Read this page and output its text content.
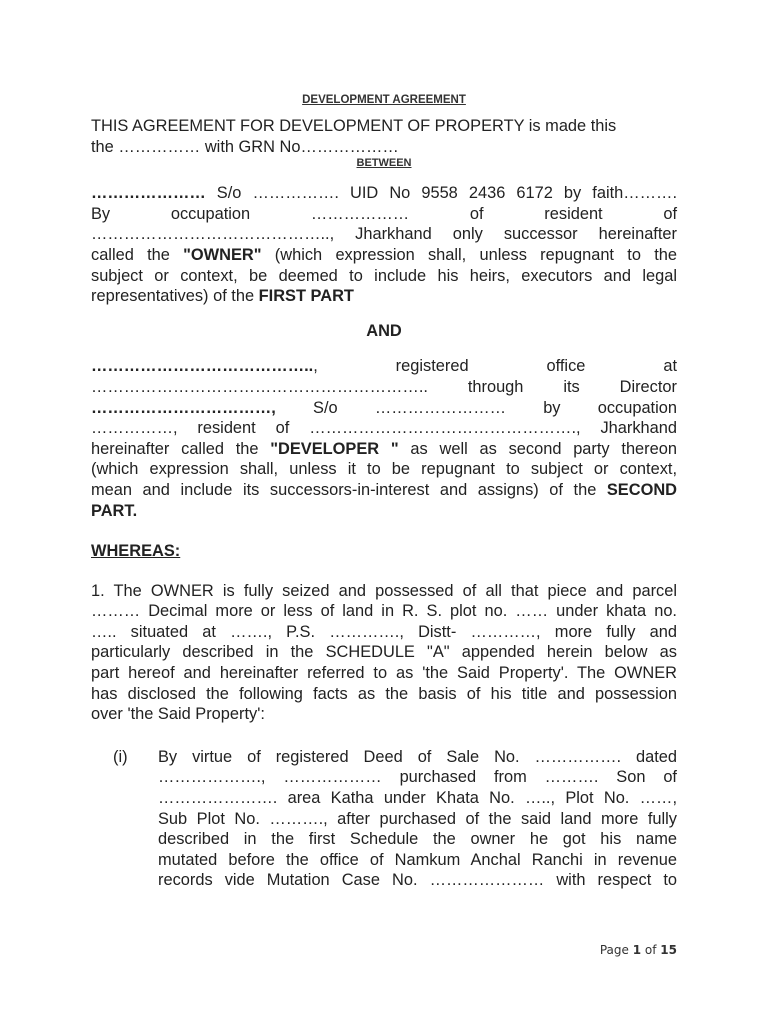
DEVELOPMENT AGREEMENT
THIS AGREEMENT FOR DEVELOPMENT OF PROPERTY is made this
the …………… with GRN No………………
BETWEEN
………………… S/o ……………. UID No 9558 2436 6172 by faith……….
By occupation ……………… of resident of
…………………………………….., Jharkhand only successor hereinafter
called the "OWNER" (which expression shall, unless repugnant to the
subject or context, be deemed to include his heirs, executors and legal
representatives) of the FIRST PART
AND
………………………………….., registered office at
…………………………………………………….. through its Director
……………………………, S/o …………………… by occupation
……………, resident of …………………………………………., Jharkhand
hereinafter called the "DEVELOPER " as well as second party thereon
(which expression shall, unless it to be repugnant to subject or context,
mean and include its successors-in-interest and assigns) of the SECOND
PART.
WHEREAS:
1. The OWNER is fully seized and possessed of all that piece and parcel
……… Decimal more or less of land in R. S. plot no. …… under khata no.
….. situated at ……., P.S. …………., Distt- …………, more fully and
particularly described in the SCHEDULE "A" appended herein below as
part hereof and hereinafter referred to as 'the Said Property'. The OWNER
has disclosed the following facts as the basis of his title and possession
over 'the Said Property':
(i)	By virtue of registered Deed of Sale No. ……………. dated
………………., ……………… purchased from ………. Son of
…………………. area Katha under Khata No. ….., Plot No. ……,
Sub Plot No. ………., after purchased of the said land more fully
described in the first Schedule the owner he got his name
mutated before the office of Namkum Anchal Ranchi in revenue
records vide Mutation Case No. ………………… with respect to
Page 1 of 15
